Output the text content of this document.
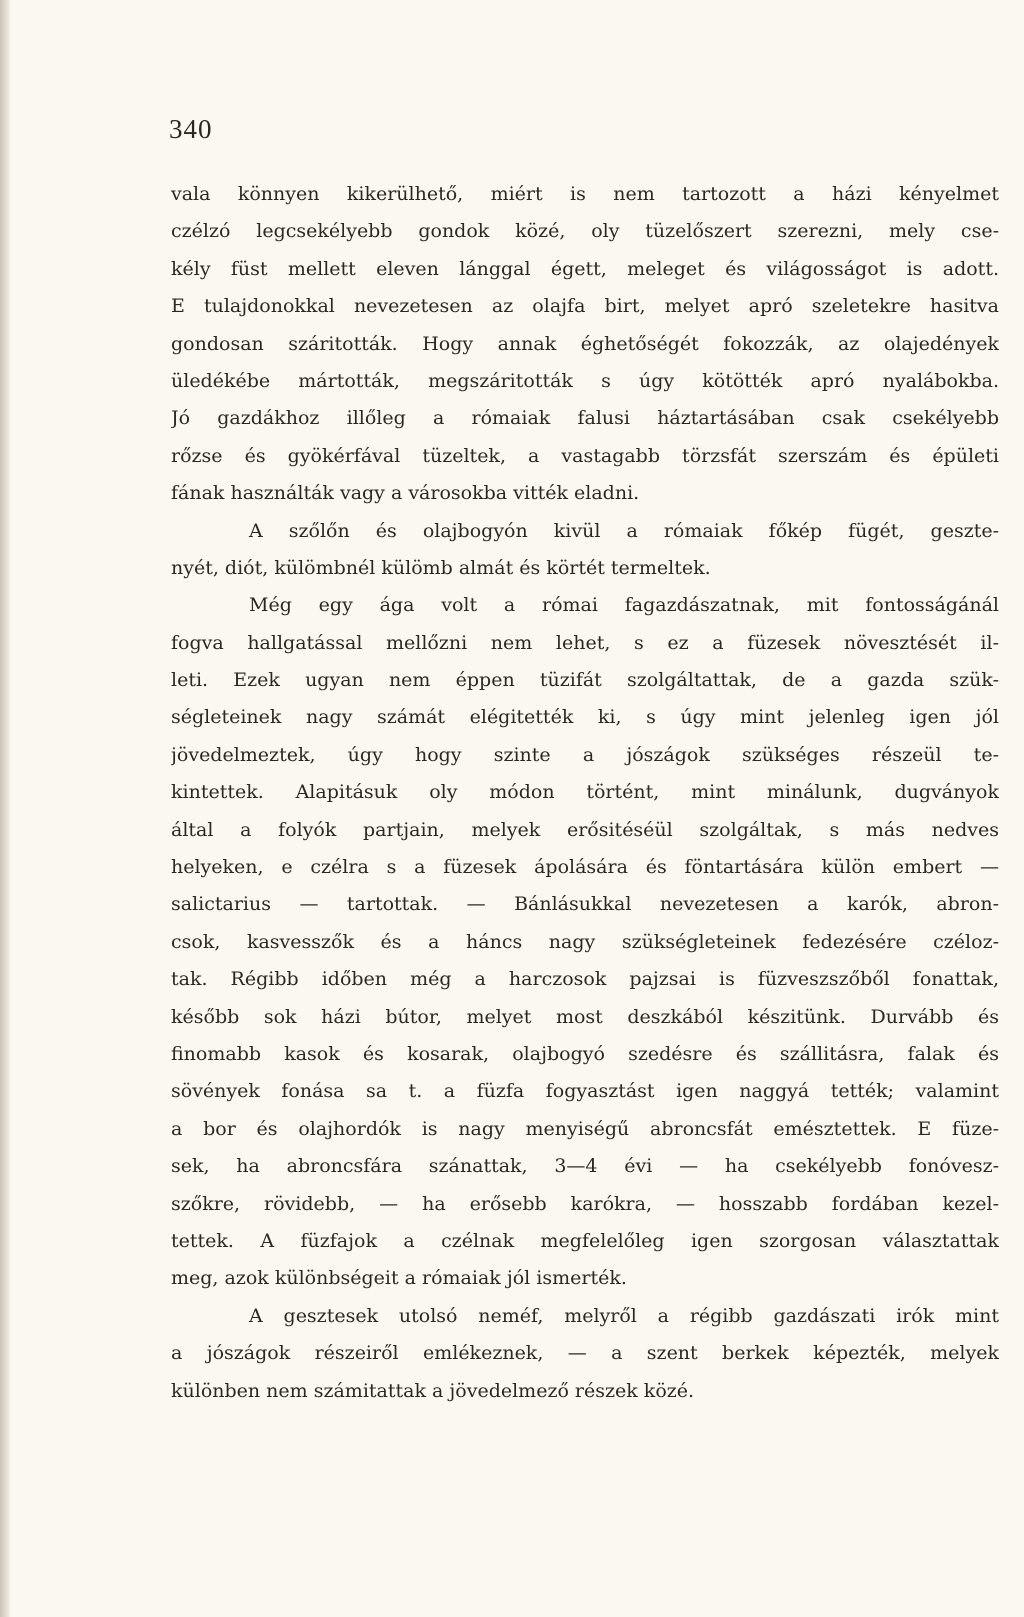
340
vala könnyen kikerülhető, miért is nem tartozott a házi kényelmet
czélzó legcsekélyebb gondok közé, oly tüzelőszert szerezni, mely cse-
kély füst mellett eleven lánggal égett, meleget és világosságot is adott.
E tulajdonokkal nevezetesen az olajfa birt, melyet apró szeletekre hasitva
gondosan száritották. Hogy annak éghetőségét fokozzák, az olajedények
üledékébe mártották, megszáritották s úgy kötötték apró nyalábokba.
Jó gazdákhoz illőleg a rómaiak falusi háztartásában csak csekélyebb
rőzse és gyökérfával tüzeltek, a vastagabb törzsfát szerszám és épületi
fának használták vagy a városokba vitték eladni.
A szőlőn és olajbogyón kivül a rómaiak főkép fügét, geszte-
nyét, diót, külömbnél külömb almát és körtét termeltek.
Még egy ága volt a római fagazdászatnak, mit fontosságánál
fogva hallgatással mellőzni nem lehet, s ez a füzesek növesztését il-
leti. Ezek ugyan nem éppen tüzifát szolgáltattak, de a gazda szük-
ségleteinek nagy számát elégitették ki, s úgy mint jelenleg igen jól
jövedelmeztek, úgy hogy szinte a jószágok szükséges részeül te-
kintettek. Alapitásuk oly módon történt, mint minálunk, dugványok
által a folyók partjain, melyek erősitéséül szolgáltak, s más nedves
helyeken, e czélra s a füzesek ápolására és föntartására külön embert —
salictarius — tartottak. — Bánlásukkal nevezetesen a karók, abron-
csok, kasvesszők és a háncs nagy szükségleteinek fedezésére czéloz-
tak. Régibb időben még a harczosok pajzsai is füzveszszőből fonattak,
később sok házi bútor, melyet most deszkából készitünk. Durvább és
finomabb kasok és kosarak, olajbogyó szedésre és szállitásra, falak és
sövények fonása sa t. a füzfa fogyasztást igen naggyá tették; valamint
a bor és olajhordók is nagy menyiségű abroncsfát emésztettek. E füze-
sek, ha abroncsfára szánattak, 3—4 évi — ha csekélyebb fonóvesz-
szőkre, rövidebb, — ha erősebb karókra, — hosszabb fordában kezel-
tettek. A füzfajok a czélnak megfelelőleg igen szorgosan választattak
meg, azok különbségeit a rómaiak jól ismerték.
A gesztesek utolsó neméf, melyről a régibb gazdászati irók mint
a jószágok részeiről emlékeznek, — a szent berkek képezték, melyek
különben nem számitattak a jövedelmező részek közé.
